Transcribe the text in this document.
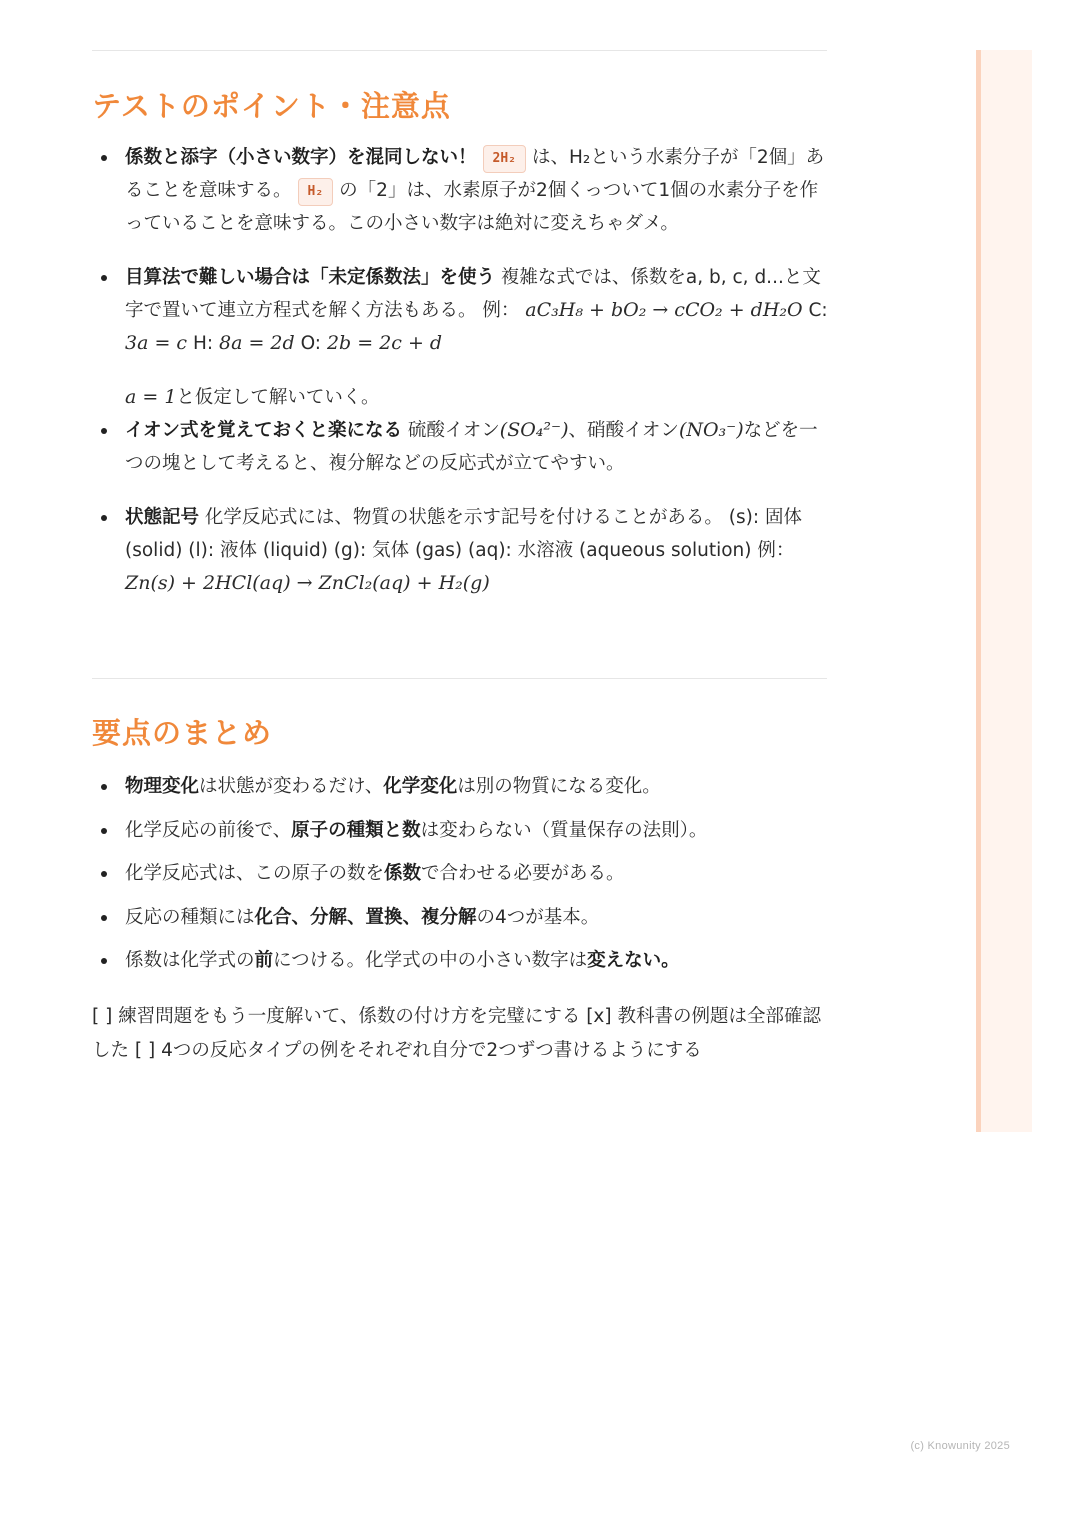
テストのポイント・注意点
係数と添字（小さい数字）を混同しない！ 2H₂ は、H₂という水素分子が「2個」あることを意味する。 H₂ の「2」は、水素原子が2個くっついて1個の水素分子を作っていることを意味する。この小さい数字は絶対に変えちゃダメ。
目算法で難しい場合は「未定係数法」を使う 複雑な式では、係数をa, b, c, d...と文字で置いて連立方程式を解く方法もある。 例： aC₃H₈ + bO₂ → cCO₂ + dH₂O C: 3a = c H: 8a = 2d O: 2b = 2c + d
a = 1と仮定して解いていく。
イオン式を覚えておくと楽になる 硫酸イオン(SO₄²⁻)、硝酸イオン(NO₃⁻)などを一つの塊として考えると、複分解などの反応式が立てやすい。
状態記号 化学反応式には、物質の状態を示す記号を付けることがある。 (s): 固体 (solid) (l): 液体 (liquid) (g): 気体 (gas) (aq): 水溶液 (aqueous solution) 例：Zn(s) + 2HCl(aq) → ZnCl₂(aq) + H₂(g)
要点のまとめ
物理変化は状態が変わるだけ、化学変化は別の物質になる変化。
化学反応の前後で、原子の種類と数は変わらない（質量保存の法則）。
化学反応式は、この原子の数を係数で合わせる必要がある。
反応の種類には化合、分解、置換、複分解の4つが基本。
係数は化学式の前につける。化学式の中の小さい数字は変えない。

[ ] 練習問題をもう一度解いて、係数の付け方を完璧にする [x] 教科書の例題は全部確認した [ ] 4つの反応タイプの例をそれぞれ自分で2つずつ書けるようにする

(c) Knowunity 2025
